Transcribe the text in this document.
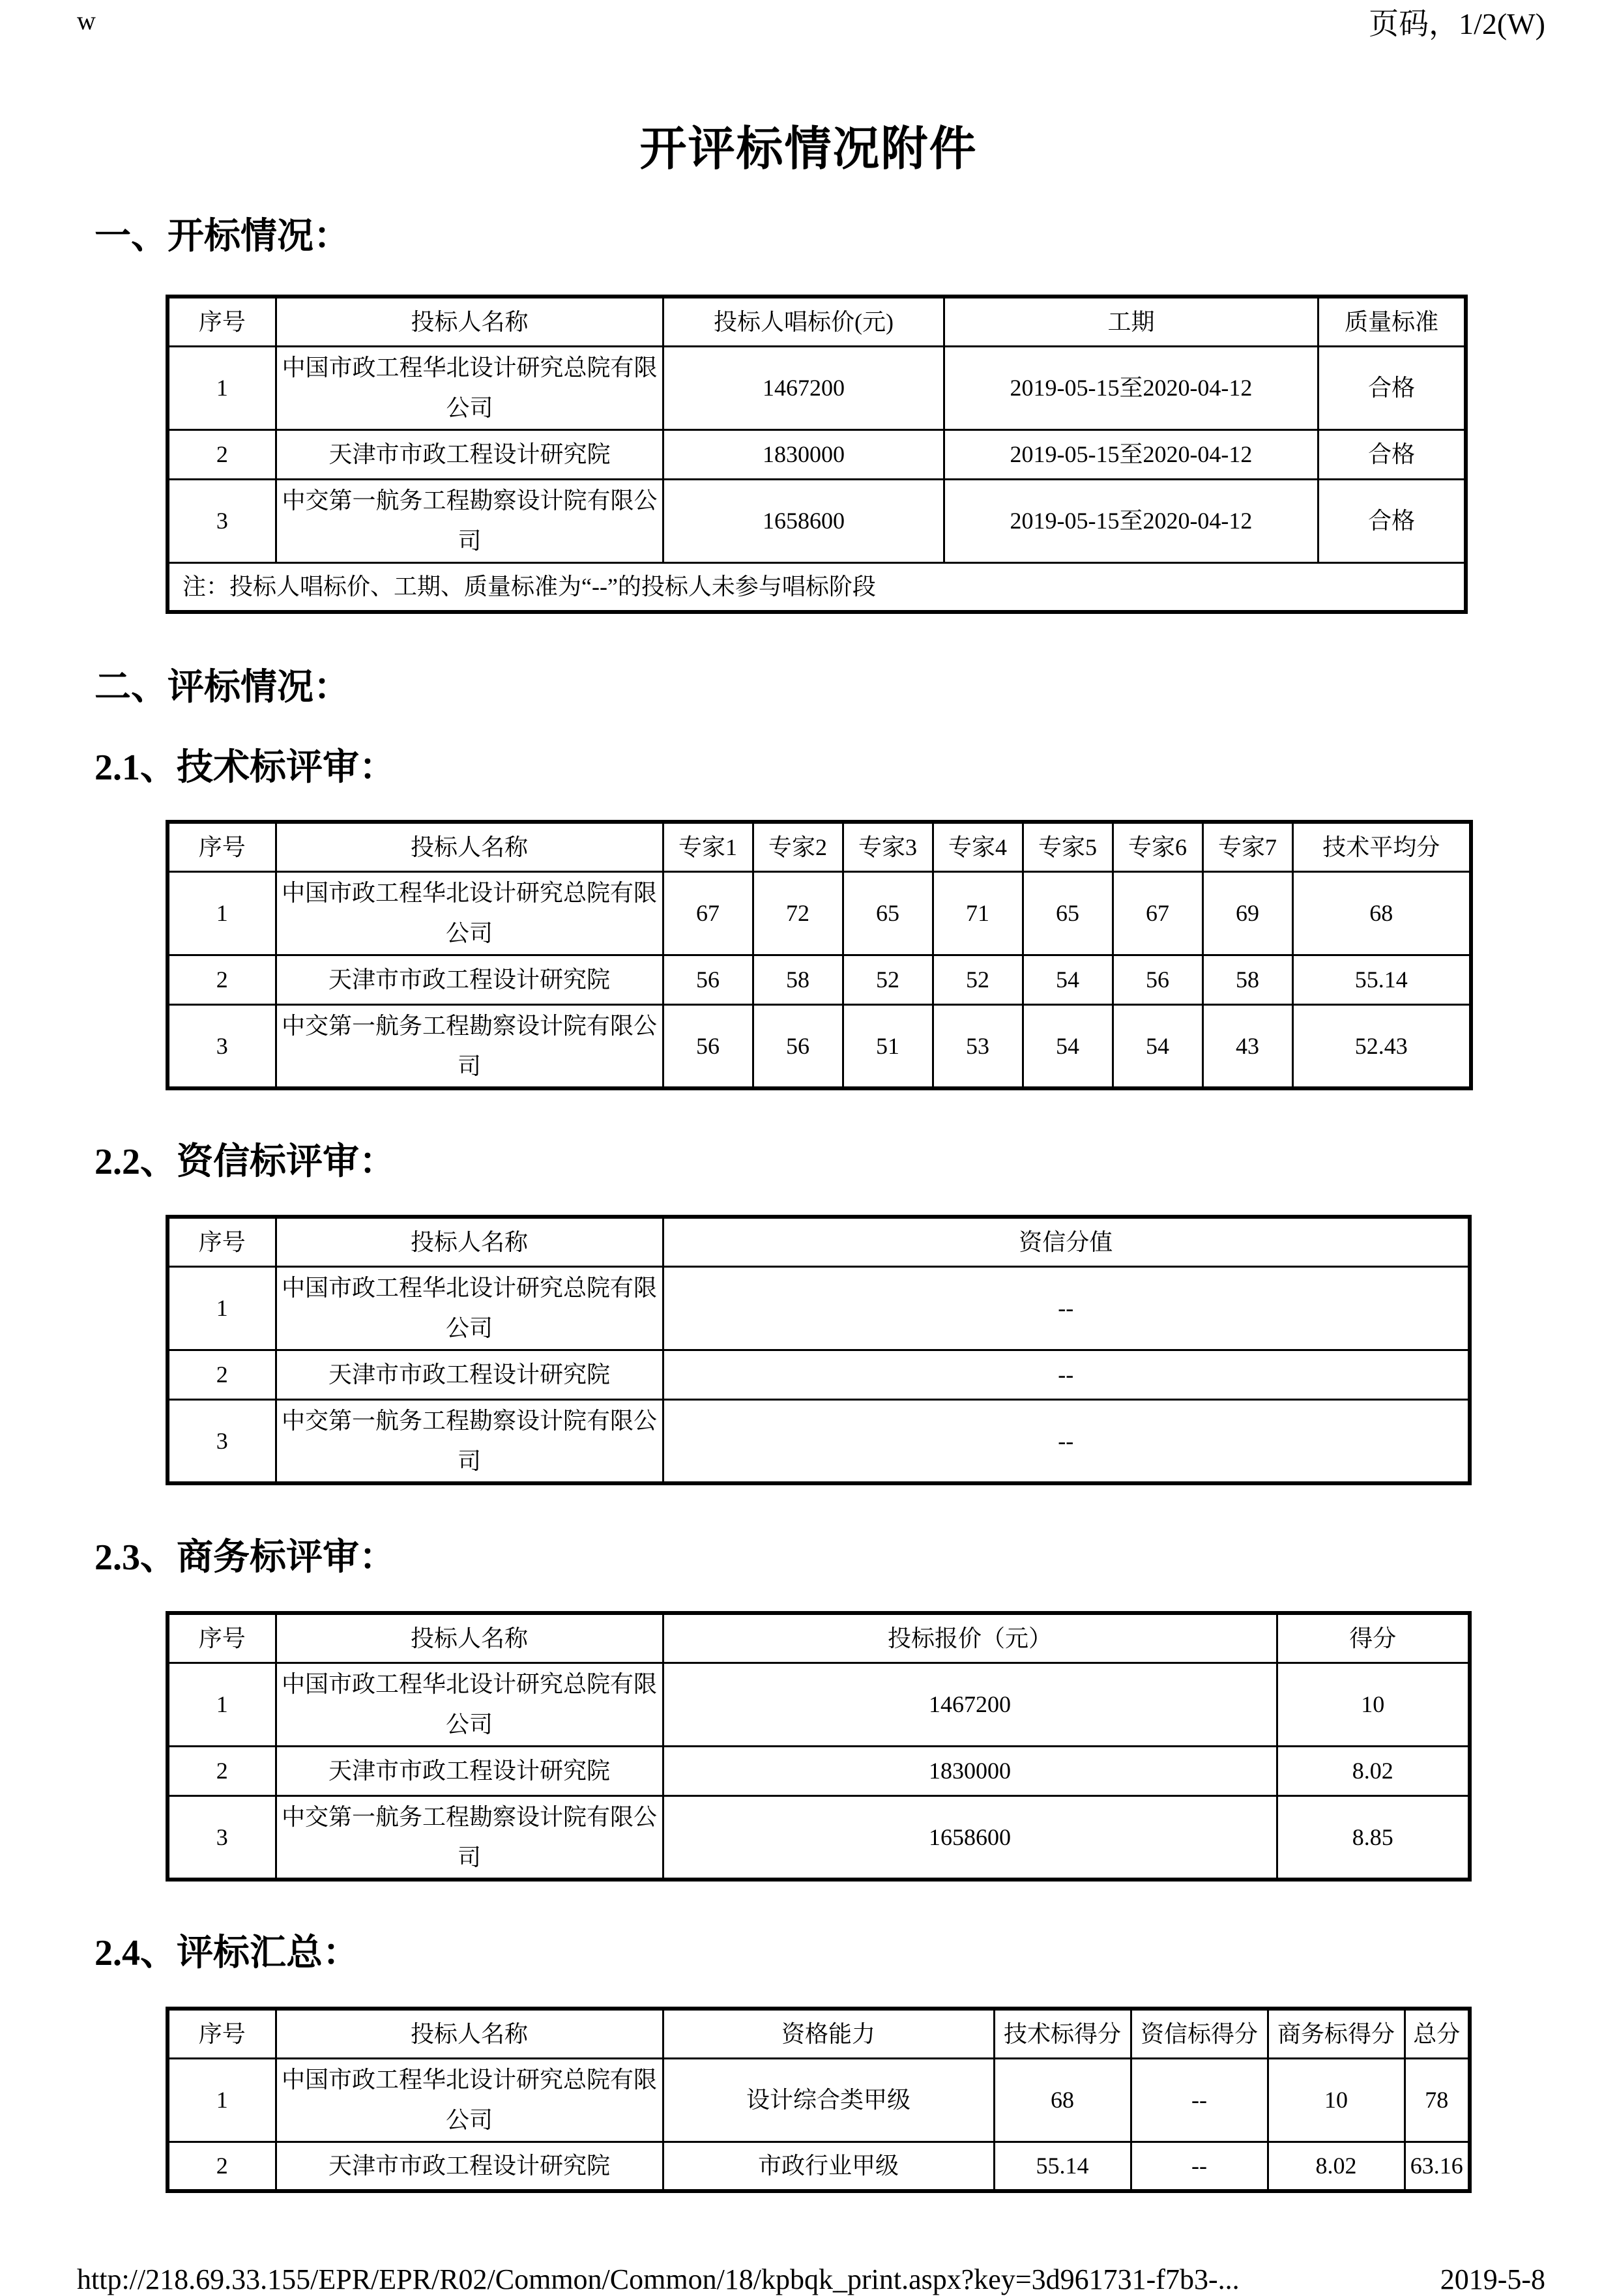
w	页码，1/2(W)
开评标情况附件
一、开标情况：
序号	投标人名称	投标人唱标价(元)	工期	质量标准
1	中国市政工程华北设计研究总院有限公司	1467200	2019-05-15至2020-04-12	合格
2	天津市市政工程设计研究院	1830000	2019-05-15至2020-04-12	合格
3	中交第一航务工程勘察设计院有限公司	1658600	2019-05-15至2020-04-12	合格
注：投标人唱标价、工期、质量标准为“--”的投标人未参与唱标阶段				
二、评标情况：
2.1、技术标评审：
序号	投标人名称	专家1	专家2	专家3	专家4	专家5	专家6	专家7	技术平均分
1	中国市政工程华北设计研究总院有限公司	67	72	65	71	65	67	69	68
2	天津市市政工程设计研究院	56	58	52	52	54	56	58	55.14
3	中交第一航务工程勘察设计院有限公司	56	56	51	53	54	54	43	52.43
2.2、资信标评审：
序号	投标人名称	资信分值
1	中国市政工程华北设计研究总院有限公司	--
2	天津市市政工程设计研究院	--
3	中交第一航务工程勘察设计院有限公司	--
2.3、商务标评审：
序号	投标人名称	投标报价（元）	得分
1	中国市政工程华北设计研究总院有限公司	1467200	10
2	天津市市政工程设计研究院	1830000	8.02
3	中交第一航务工程勘察设计院有限公司	1658600	8.85
2.4、评标汇总：
序号	投标人名称	资格能力	技术标得分	资信标得分	商务标得分	总分
1	中国市政工程华北设计研究总院有限公司	设计综合类甲级	68	--	10	78
2	天津市市政工程设计研究院	市政行业甲级	55.14	--	8.02	63.16
http://218.69.33.155/EPR/EPR/R02/Common/Common/18/kpbqk_print.aspx?key=3d961731-f7b3-...	2019-5-8
